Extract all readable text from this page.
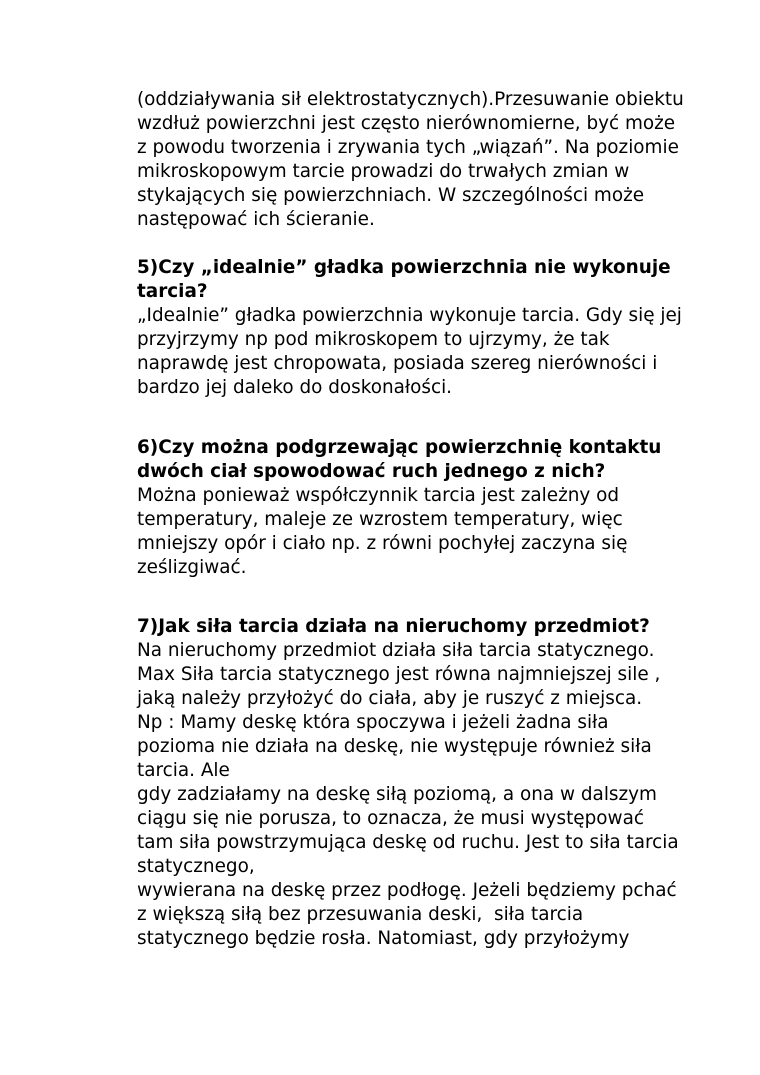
(oddziaływania sił elektrostatycznych).Przesuwanie obiektu
wzdłuż powierzchni jest często nierównomierne, być może
z powodu tworzenia i zrywania tych „wiązań”. Na poziomie
mikroskopowym tarcie prowadzi do trwałych zmian w
stykających się powierzchniach. W szczególności może
następować ich ścieranie.
5)Czy „idealnie” gładka powierzchnia nie wykonuje
tarcia?
„Idealnie” gładka powierzchnia wykonuje tarcia. Gdy się jej
przyjrzymy np pod mikroskopem to ujrzymy, że tak
naprawdę jest chropowata, posiada szereg nierówności i
bardzo jej daleko do doskonałości.
6)Czy można podgrzewając powierzchnię kontaktu
dwóch ciał spowodować ruch jednego z nich?
Można ponieważ współczynnik tarcia jest zależny od
temperatury, maleje ze wzrostem temperatury, więc
mniejszy opór i ciało np. z równi pochyłej zaczyna się
ześlizgiwać.
7)Jak siła tarcia działa na nieruchomy przedmiot?
Na nieruchomy przedmiot działa siła tarcia statycznego.
Max Siła tarcia statycznego jest równa najmniejszej sile ,
jaką należy przyłożyć do ciała, aby je ruszyć z miejsca.
Np : Mamy deskę która spoczywa i jeżeli żadna siła
pozioma nie działa na deskę, nie występuje również siła
tarcia. Ale
gdy zadziałamy na deskę siłą poziomą, a ona w dalszym
ciągu się nie porusza, to oznacza, że musi występować
tam siła powstrzymująca deskę od ruchu. Jest to siła tarcia
statycznego,
wywierana na deskę przez podłogę. Jeżeli będziemy pchać
z większą siłą bez przesuwania deski,  siła tarcia
statycznego będzie rosła. Natomiast, gdy przyłożymy
